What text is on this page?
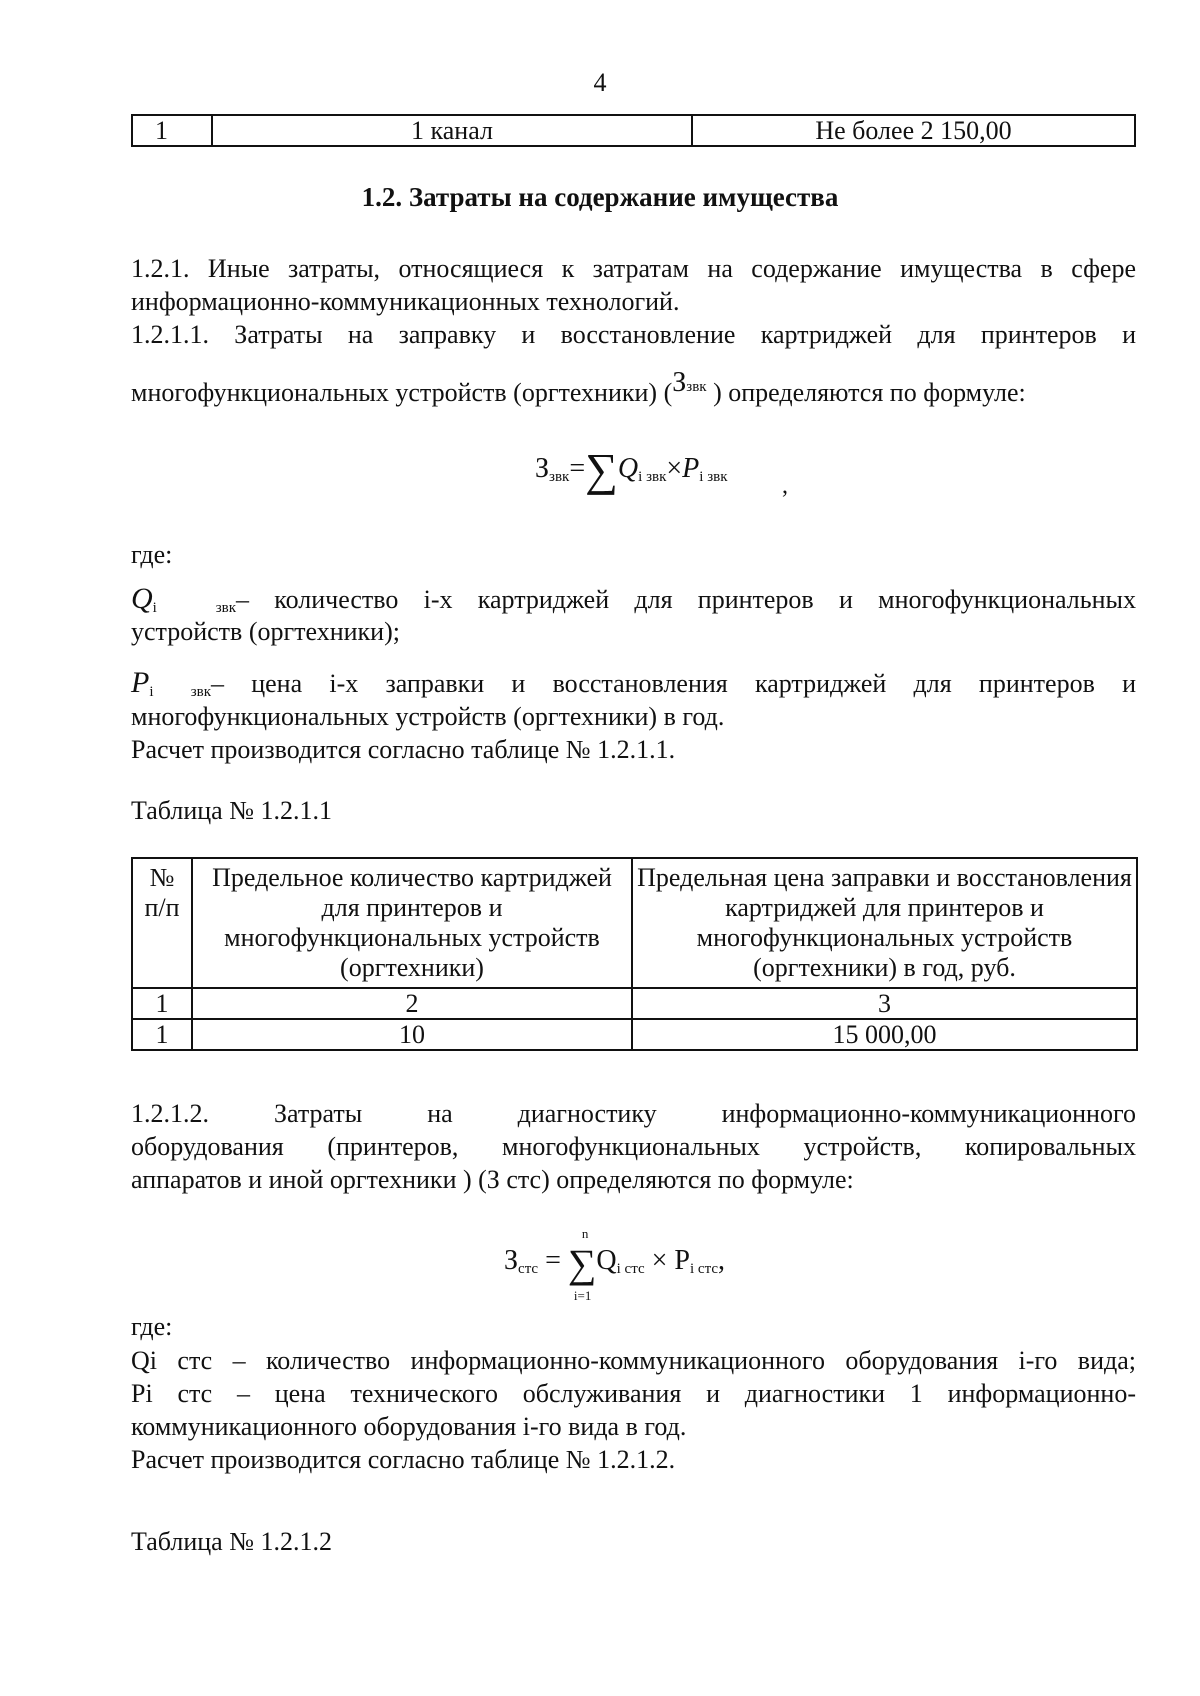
4
1	1 канал	Не более 2 150,00
1.2. Затраты на содержание имущества
1.2.1. Иные затраты, относящиеся к затратам на содержание имущества в сфере
информационно-коммуникационных технологий.
1.2.1.1. Затраты на заправку и восстановление картриджей для принтеров и
многофункциональных устройств (оргтехники) ($З^{звк}$ ) определяются по формуле:
$З_{звк}=\sum Q_{i звк}\times P_{i звк}$ ,
где:
$Q_{i звк}-$ количество i-х картриджей для принтеров и многофункциональных
устройств (оргтехники);
$P_{i звк}-$ цена i-х заправки и восстановления картриджей для принтеров и
многофункциональных устройств (оргтехники) в год.
Расчет производится согласно таблице № 1.2.1.1.
Таблица № 1.2.1.1
№ п/п	Предельное количество картриджей для принтеров и многофункциональных устройств (оргтехники)	Предельная цена заправки и восстановления картриджей для принтеров и многофункциональных устройств (оргтехники) в год, руб.
1	2	3
1	10	15 000,00
1.2.1.2. Затраты на диагностику информационно-коммуникационного
оборудования (принтеров, многофункциональных устройств, копировальных
аппаратов и иной оргтехники ) (З стс) определяются по формуле:
$З_{стс}$ =
n
∑
i=1
$Q_{i стс} \times P_{i стс}$,
где:
Qi стс – количество информационно-коммуникационного оборудования i-го вида;
Pi стс – цена технического обслуживания и диагностики 1 информационно-
коммуникационного оборудования i-го вида в год.
Расчет производится согласно таблице № 1.2.1.2.
Таблица № 1.2.1.2
